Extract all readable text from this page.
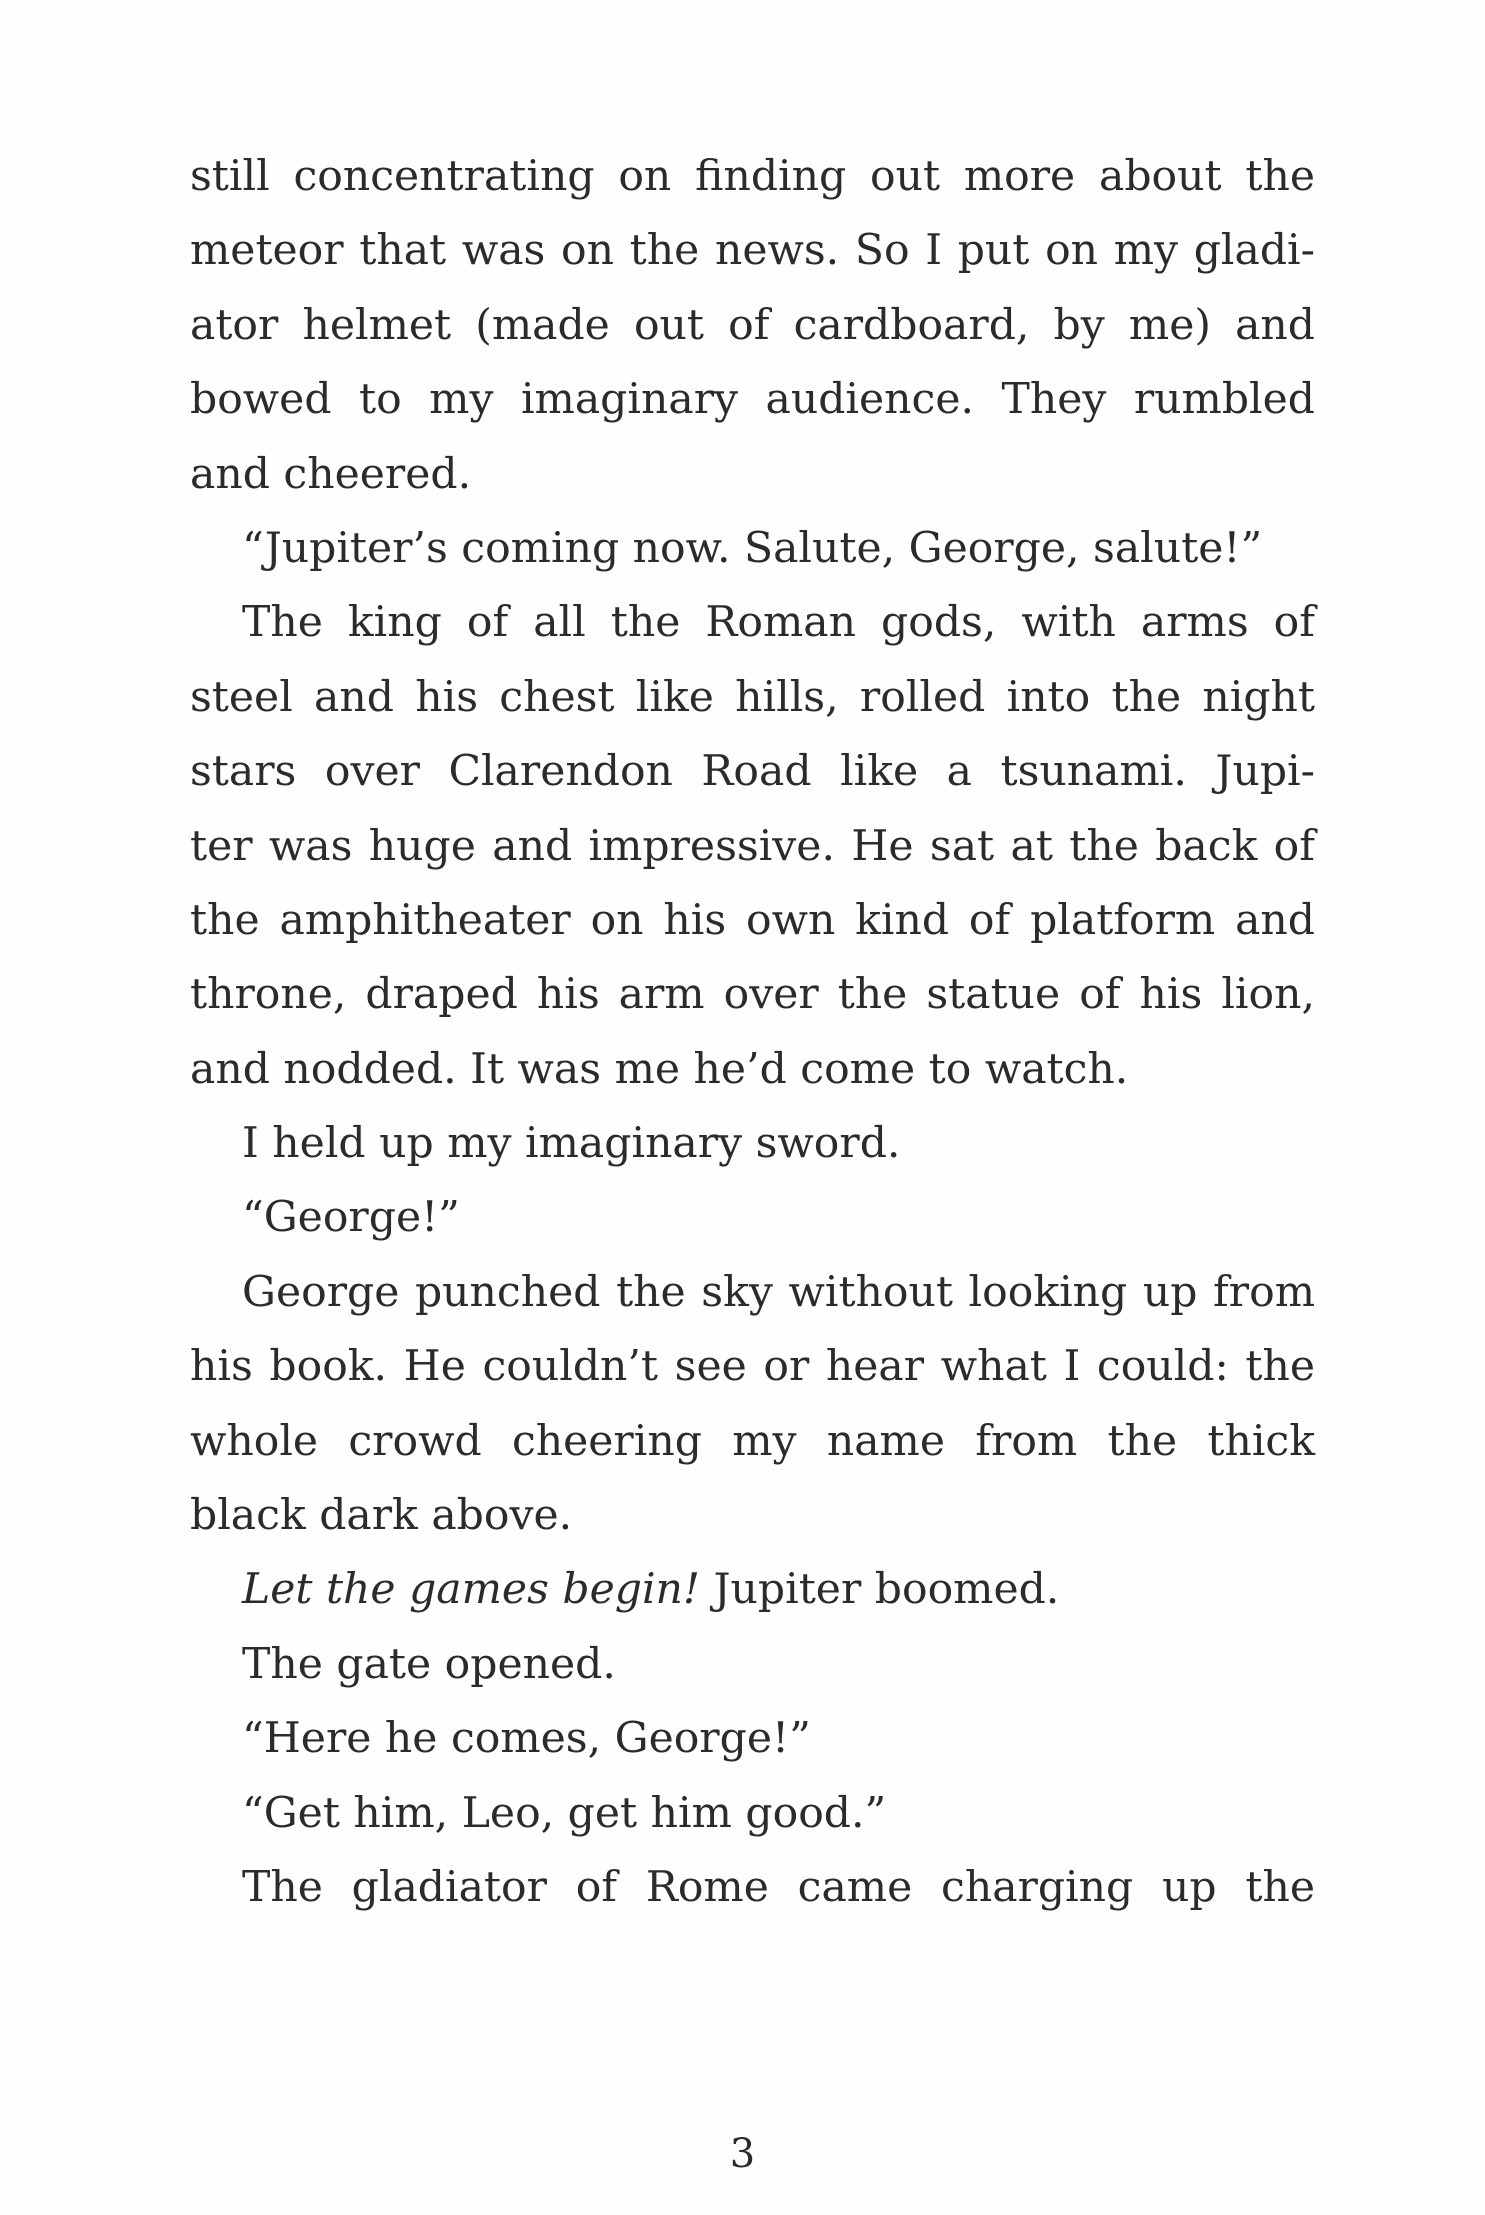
still concentrating on finding out more about the
meteor that was on the news. So I put on my gladi-
ator helmet (made out of cardboard, by me) and
bowed to my imaginary audience. They rumbled
and cheered.
“Jupiter’s coming now. Salute, George, salute!”
The king of all the Roman gods, with arms of
steel and his chest like hills, rolled into the night
stars over Clarendon Road like a tsunami. Jupi-
ter was huge and impressive. He sat at the back of
the amphitheater on his own kind of platform and
throne, draped his arm over the statue of his lion,
and nodded. It was me he’d come to watch.
I held up my imaginary sword.
“George!”
George punched the sky without looking up from
his book. He couldn’t see or hear what I could: the
whole crowd cheering my name from the thick
black dark above.
Let the games begin! Jupiter boomed.
The gate opened.
“Here he comes, George!”
“Get him, Leo, get him good.”
The gladiator of Rome came charging up the
3
